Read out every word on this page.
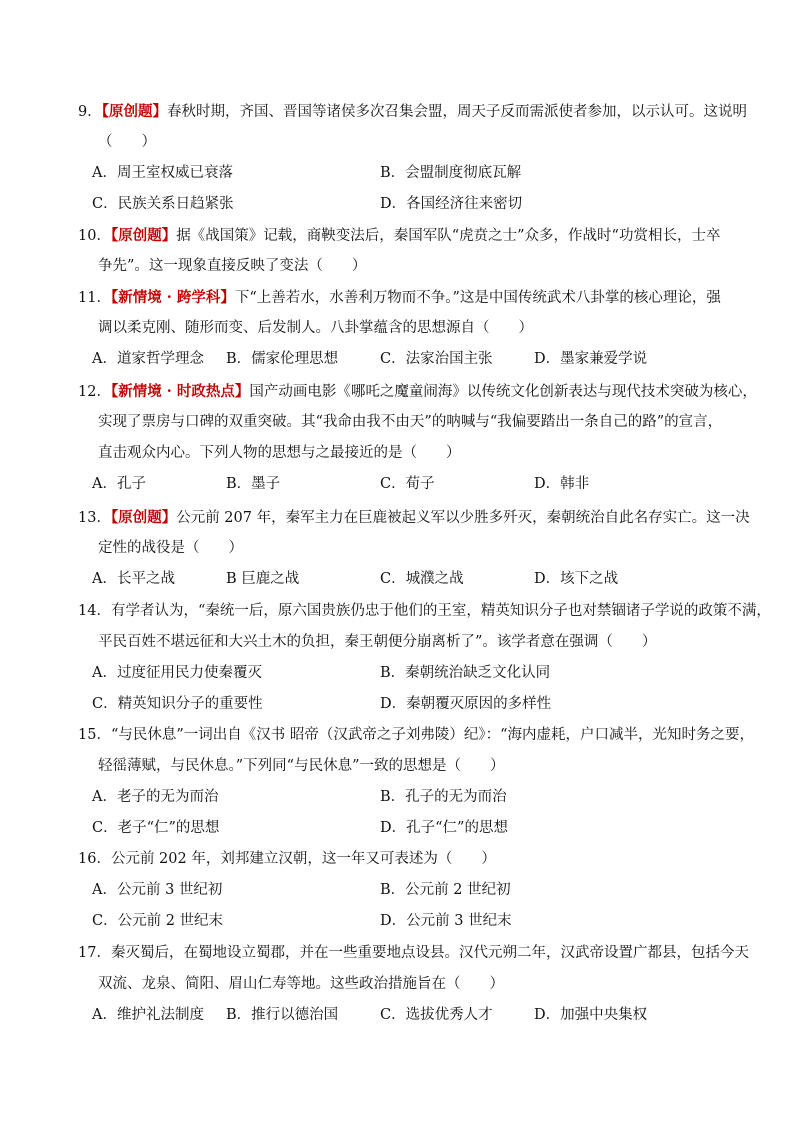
9．【原创题】春秋时期，齐国、晋国等诸侯多次召集会盟，周天子反而需派使者参加，以示认可。这说明
（　　）
A．周王室权威已衰落	B．会盟制度彻底瓦解
C．民族关系日趋紧张	D．各国经济往来密切
10．【原创题】据《战国策》记载，商鞅变法后，秦国军队“虎贲之士”众多，作战时“功赏相长，士卒
争先”。这一现象直接反映了变法（　　）
11．【新情境 · 跨学科】下“上善若水，水善利万物而不争。”这是中国传统武术八卦掌的核心理论，强
调以柔克刚、随形而变、后发制人。八卦掌蕴含的思想源自（　　）
A．道家哲学理念 B．儒家伦理思想	C．法家治国主张	D．墨家兼爱学说
12．【新情境 · 时政热点】国产动画电影《哪吒之魔童闹海》以传统文化创新表达与现代技术突破为核心，
实现了票房与口碑的双重突破。其“我命由我不由天”的呐喊与“我偏要踏出一条自己的路”的宣言，
直击观众内心。下列人物的思想与之最接近的是（　　）
A．孔子	B．墨子	C．荀子	D．韩非
13．【原创题】公元前 207 年，秦军主力在巨鹿被起义军以少胜多歼灭，秦朝统治自此名存实亡。这一决
定性的战役是（　　）
A．长平之战	B 巨鹿之战	C．城濮之战	D．垓下之战
14．有学者认为，“秦统一后，原六国贵族仍忠于他们的王室，精英知识分子也对禁锢诸子学说的政策不满，
平民百姓不堪远征和大兴土木的负担，秦王朝便分崩离析了”。该学者意在强调（　　）
A．过度征用民力使秦覆灭	B．秦朝统治缺乏文化认同
C．精英知识分子的重要性	D．秦朝覆灭原因的多样性
15．“与民休息”一词出自《汉书 昭帝（汉武帝之子刘弗陵）纪》：“海内虚耗，户口减半，光知时务之要，
轻徭薄赋，与民休息。”下列同“与民休息”一致的思想是（　　）
A．老子的无为而治	B．孔子的无为而治
C．老子“仁”的思想	D．孔子“仁”的思想
16．公元前 202 年，刘邦建立汉朝，这一年又可表述为（　　）
A．公元前 3 世纪初	B．公元前 2 世纪初
C．公元前 2 世纪末	D．公元前 3 世纪末
17．秦灭蜀后，在蜀地设立蜀郡，并在一些重要地点设县。汉代元朔二年，汉武帝设置广都县，包括今天
双流、龙泉、简阳、眉山仁寿等地。这些政治措施旨在（　　）
A．维护礼法制度 B．推行以德治国	C．选拔优秀人才	D．加强中央集权
